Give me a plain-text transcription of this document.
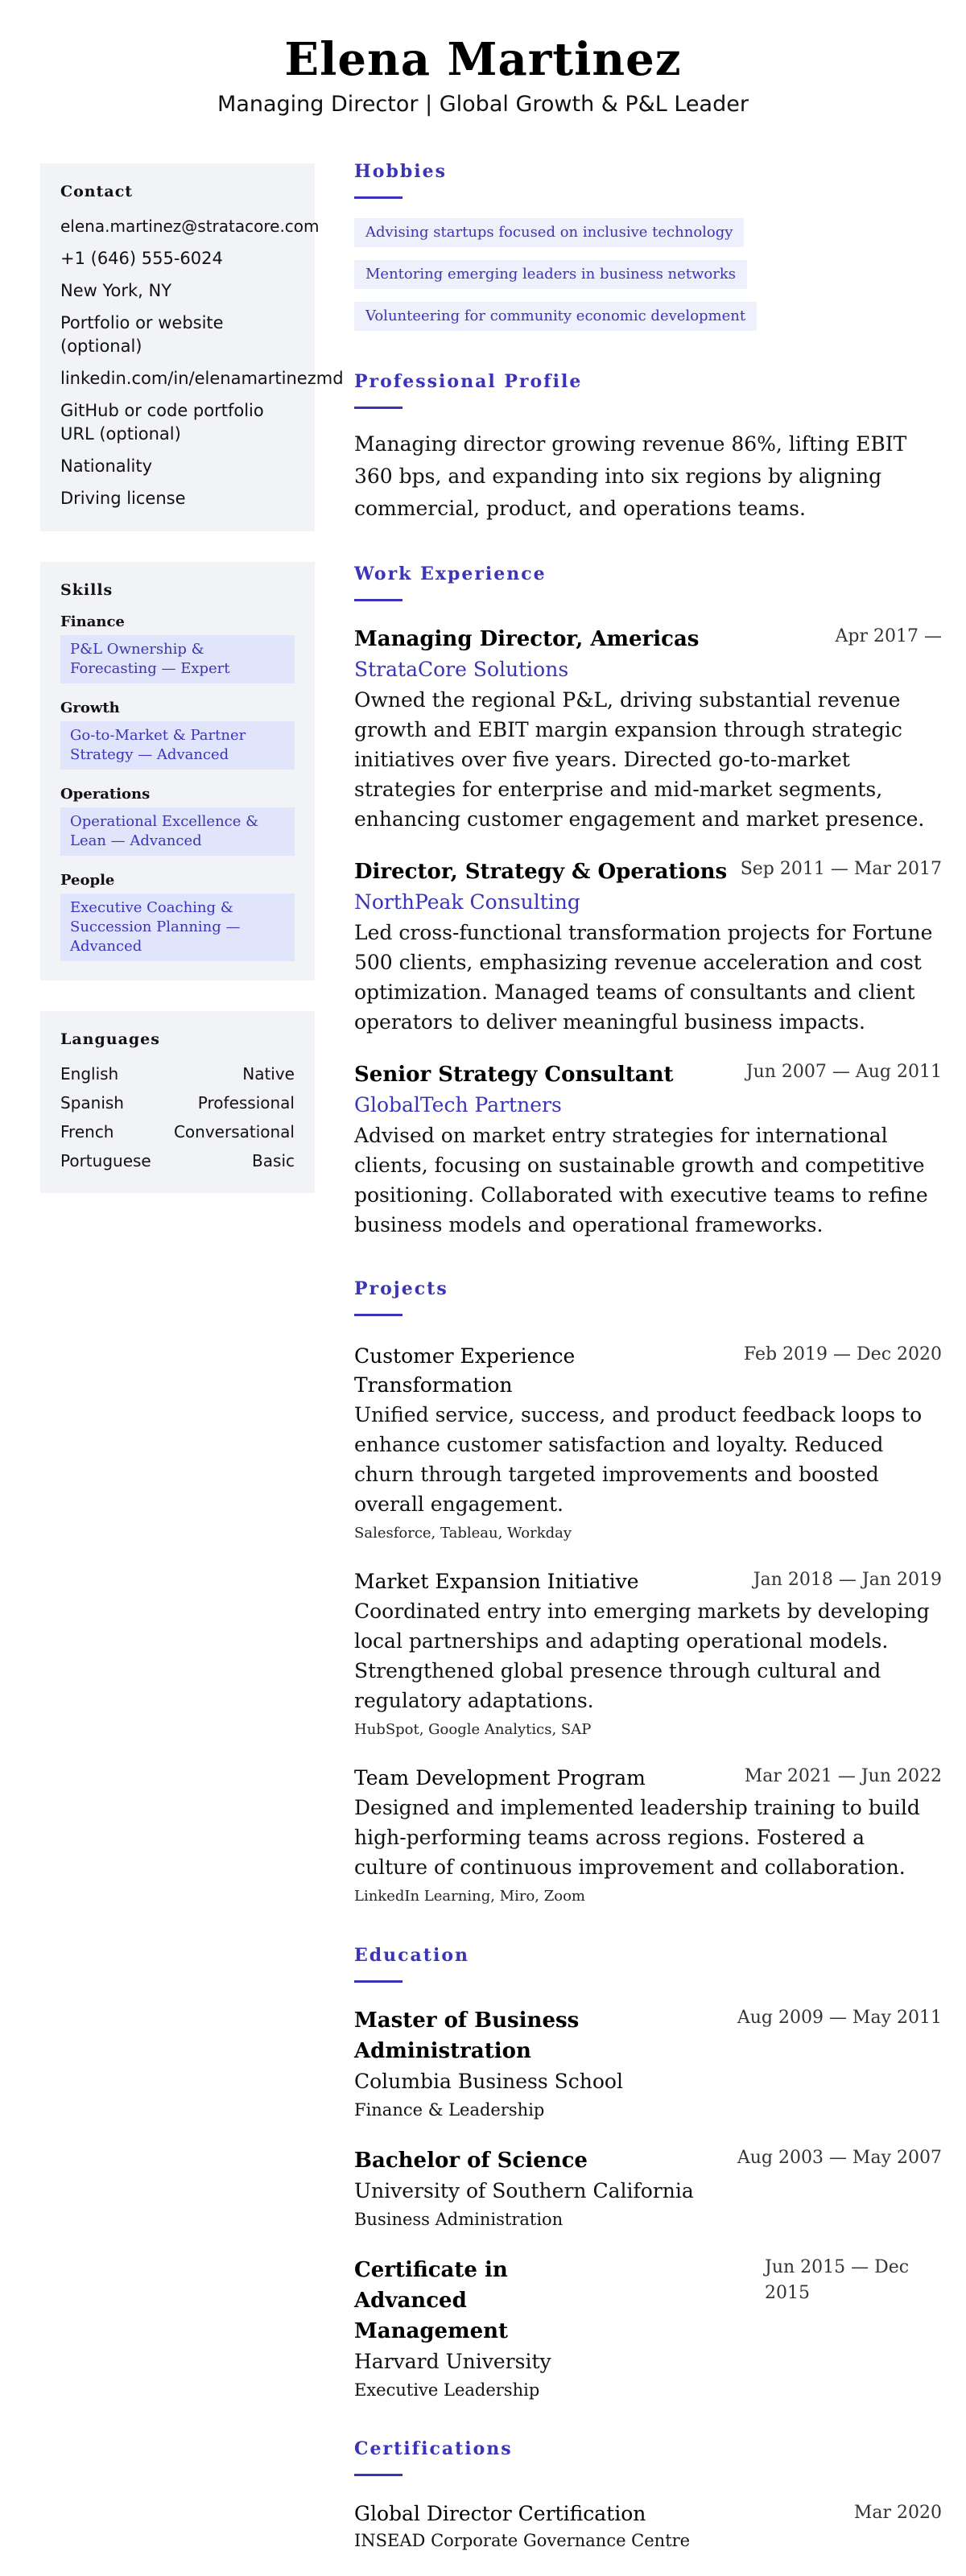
Elena Martinez
Managing Director | Global Growth & P&L Leader
Contact
elena.martinez@stratacore.com
+1 (646) 555-6024
New York, NY
Portfolio or website (optional)
linkedin.com/in/elenamartinezmd
GitHub or code portfolio URL (optional)
Nationality
Driving license
Skills
Finance
P&L Ownership & Forecasting — Expert
Growth
Go-to-Market & Partner Strategy — Advanced
Operations
Operational Excellence & Lean — Advanced
People
Executive Coaching & Succession Planning — Advanced
Languages
English	Native
Spanish	Professional
French	Conversational
Portuguese	Basic
Hobbies
Advising startups focused on inclusive technology
Mentoring emerging leaders in business networks
Volunteering for community economic development
Professional Profile
Managing director growing revenue 86%, lifting EBIT 360 bps, and expanding into six regions by aligning commercial, product, and operations teams.
Work Experience
Managing Director, Americas	Apr 2017 —
StrataCore Solutions
Owned the regional P&L, driving substantial revenue growth and EBIT margin expansion through strategic initiatives over five years. Directed go-to-market strategies for enterprise and mid-market segments, enhancing customer engagement and market presence.
Director, Strategy & Operations Sep 2011 — Mar 2017
NorthPeak Consulting
Led cross-functional transformation projects for Fortune 500 clients, emphasizing revenue acceleration and cost optimization. Managed teams of consultants and client operators to deliver meaningful business impacts.
Senior Strategy Consultant	Jun 2007 — Aug 2011
GlobalTech Partners
Advised on market entry strategies for international clients, focusing on sustainable growth and competitive positioning. Collaborated with executive teams to refine business models and operational frameworks.
Projects
Customer Experience Transformation
Feb 2019 — Dec 2020
Unified service, success, and product feedback loops to enhance customer satisfaction and loyalty. Reduced churn through targeted improvements and boosted overall engagement.
Salesforce, Tableau, Workday
Market Expansion Initiative	Jan 2018 — Jan 2019
Coordinated entry into emerging markets by developing local partnerships and adapting operational models. Strengthened global presence through cultural and regulatory adaptations.
HubSpot, Google Analytics, SAP
Team Development Program	Mar 2021 — Jun 2022
Designed and implemented leadership training to build high-performing teams across regions. Fostered a culture of continuous improvement and collaboration.
LinkedIn Learning, Miro, Zoom
Education
Master of Business Administration
Aug 2009 — May 2011
Columbia Business School
Finance & Leadership
Bachelor of Science	Aug 2003 — May 2007
University of Southern California
Business Administration
Certificate in Advanced Management
Jun 2015 — Dec 2015
Harvard University
Executive Leadership
Certifications
Global Director Certification	Mar 2020
INSEAD Corporate Governance Centre
